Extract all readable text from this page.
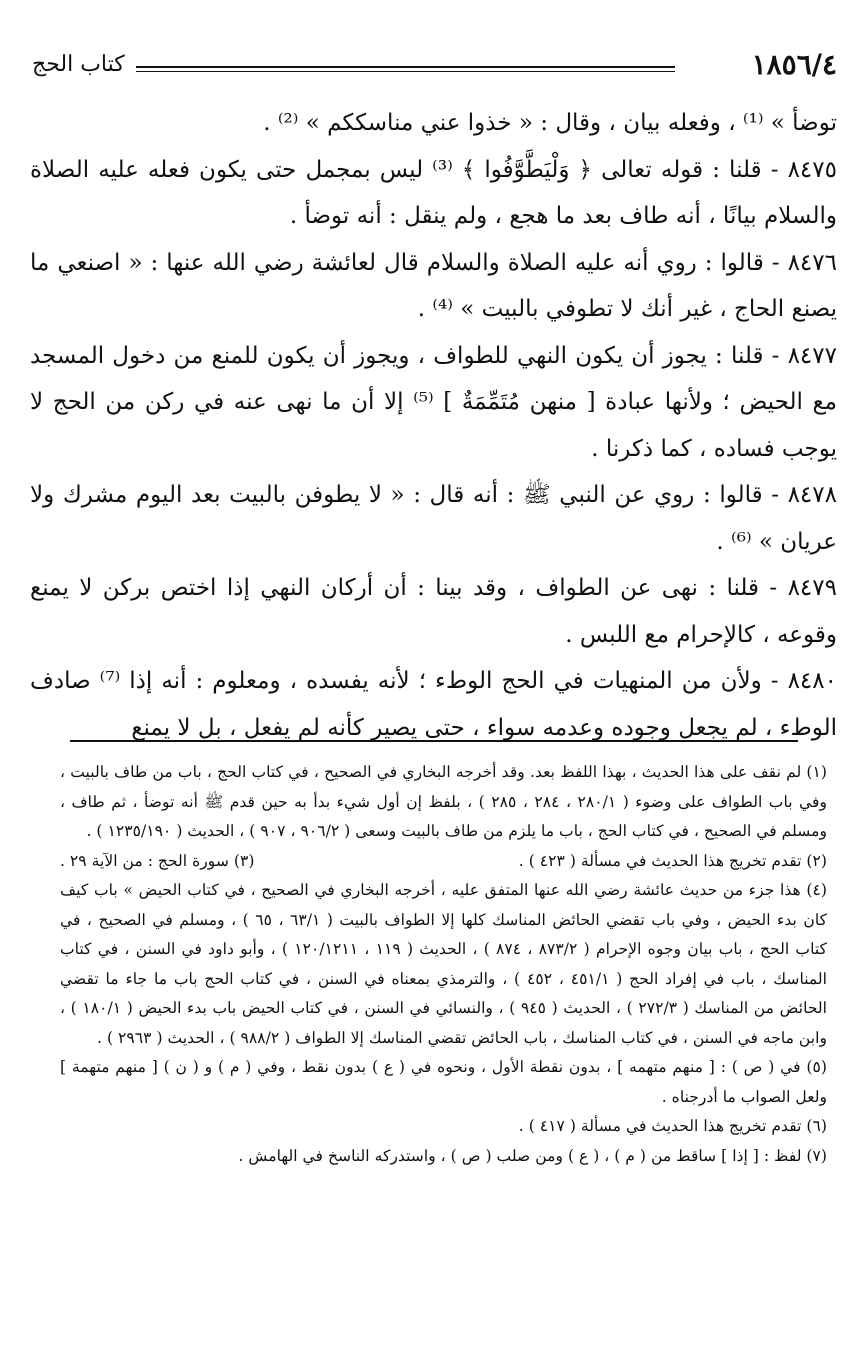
١٨٥٦/٤
كتاب الحج

توضأ » ⁽¹⁾ ، وفعله بيان ، وقال : « خذوا عني مناسككم » ⁽²⁾ .

٨٤٧٥ - قلنا : قوله تعالى ﴿ وَلْيَطَّوَّفُوا ﴾ ⁽³⁾ ليس بمجمل حتى يكون فعله عليه الصلاة والسلام بيانًا ، أنه طاف بعد ما هجع ، ولم ينقل : أنه توضأ .

٨٤٧٦ - قالوا : روي أنه عليه الصلاة والسلام قال لعائشة رضي الله عنها : « اصنعي ما يصنع الحاج ، غير أنك لا تطوفي بالبيت » ⁽⁴⁾ .

٨٤٧٧ - قلنا : يجوز أن يكون النهي للطواف ، ويجوز أن يكون للمنع من دخول المسجد مع الحيض ؛ ولأنها عبادة [ منهن مُتَمِّمَةٌ ] ⁽⁵⁾ إلا أن ما نهى عنه في ركن من الحج لا يوجب فساده ، كما ذكرنا .

٨٤٧٨ - قالوا : روي عن النبي ﷺ : أنه قال : « لا يطوفن بالبيت بعد اليوم مشرك ولا عريان » ⁽⁶⁾ .

٨٤٧٩ - قلنا : نهى عن الطواف ، وقد بينا : أن أركان النهي إذا اختص بركن لا يمنع وقوعه ، كالإحرام مع اللبس .

٨٤٨٠ - ولأن من المنهيات في الحج الوطء ؛ لأنه يفسده ، ومعلوم : أنه إذا ⁽⁷⁾ صادف الوطء ، لم يجعل وجوده وعدمه سواء ، حتى يصير كأنه لم يفعل ، بل لا يمنع

(١) لم نقف على هذا الحديث ، بهذا اللفظ بعد. وقد أخرجه البخاري في الصحيح ، في كتاب الحج ، باب من طاف بالبيت ، وفي باب الطواف على وضوء ( ٢٨٠/١ ، ٢٨٤ ، ٢٨٥ ) ، بلفظ إن أول شيء بدأ به حين قدم ﷺ أنه توضأ ، ثم طاف ، ومسلم في الصحيح ، في كتاب الحج ، باب ما يلزم من طاف بالبيت وسعى ( ٩٠٦/٢ ، ٩٠٧ ) ، الحديث ( ١٢٣٥/١٩٠ ) .

(٢) تقدم تخريج هذا الحديث في مسألة ( ٤٢٣ ) .
(٣) سورة الحج : من الآية ٢٩ .

(٤) هذا جزء من حديث عائشة رضي الله عنها المتفق عليه ، أخرجه البخاري في الصحيح ، في كتاب الحيض » باب كيف كان بدء الحيض ، وفي باب تقضي الحائض المناسك كلها إلا الطواف بالبيت ( ٦٣/١ ، ٦٥ ) ، ومسلم في الصحيح ، في كتاب الحج ، باب بيان وجوه الإحرام ( ٨٧٣/٢ ، ٨٧٤ ) ، الحديث ( ١١٩ ، ١٢٠/١٢١١ ) ، وأبو داود في السنن ، في كتاب المناسك ، باب في إفراد الحج ( ٤٥١/١ ، ٤٥٢ ) ، والترمذي بمعناه في السنن ، في كتاب الحج باب ما جاء ما تقضي الحائض من المناسك ( ٢٧٢/٣ ) ، الحديث ( ٩٤٥ ) ، والنسائي في السنن ، في كتاب الحيض باب بدء الحيض ( ١٨٠/١ ) ، وابن ماجه في السنن ، في كتاب المناسك ، باب الحائض تقضي المناسك إلا الطواف ( ٩٨٨/٢ ) ، الحديث ( ٢٩٦٣ ) .

(٥) في ( ص ) : [ منهم متهمه ] ، بدون نقطة الأول ، ونحوه في ( ع ) بدون نقط ، وفي ( م ) و ( ن ) [ منهم متهمة ] ولعل الصواب ما أدرجناه .

(٦) تقدم تخريج هذا الحديث في مسألة ( ٤١٧ ) .

(٧) لفظ : [ إذا ] ساقط من ( م ) ، ( ع ) ومن صلب ( ص ) ، واستدركه الناسخ في الهامش .
